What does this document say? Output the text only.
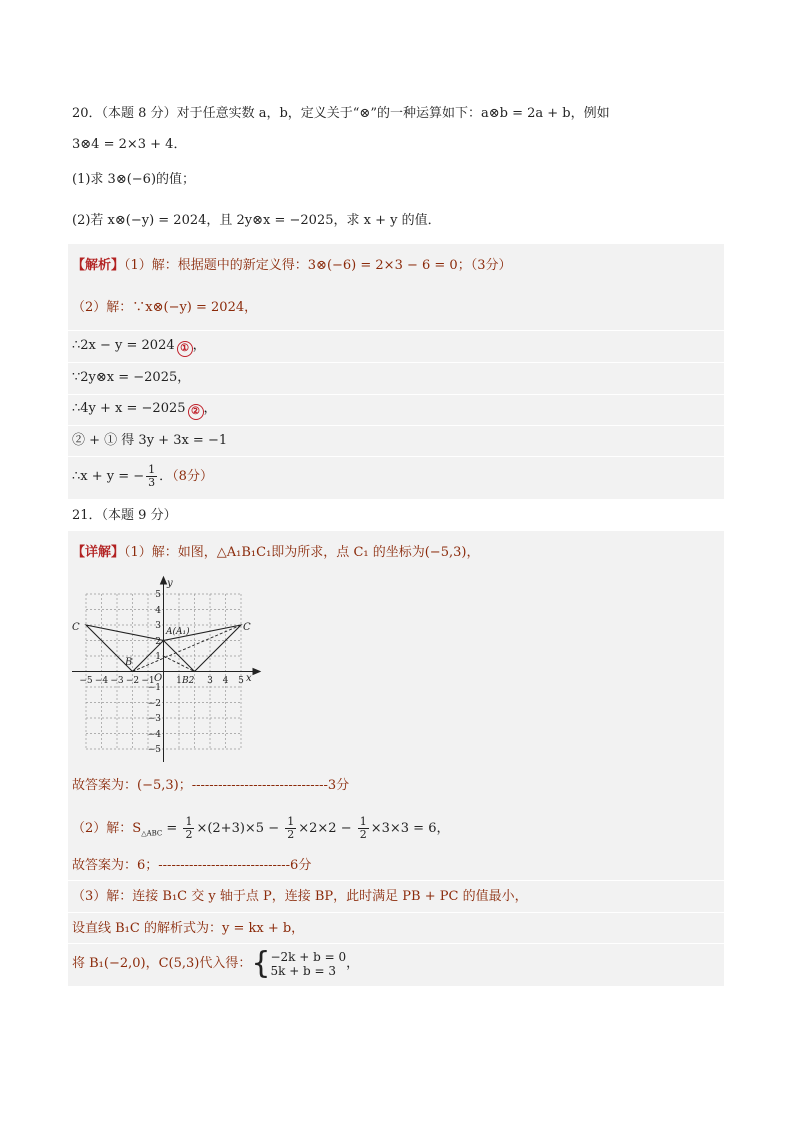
20．（本题 8 分）对于任意实数 a，b，定义关于“⊗”的一种运算如下：a⊗b = 2a + b，例如
3⊗4 = 2×3 + 4．
(1)求 3⊗(−6)的值；
(2)若 x⊗(−y) = 2024，且 2y⊗x = −2025，求 x + y 的值．
【解析】（1）解：根据题中的新定义得：3⊗(−6) = 2×3 − 6 = 0；（3分）
（2）解：∵x⊗(−y) = 2024，
∴2x − y = 2024 ① ，
∵2y⊗x = −2025，
∴4y + x = −2025 ② ，
② + ① 得 3y + 3x = −1
∴x + y = − $\frac{1}{3}$ ．（8分）
21．（本题 9 分）
【详解】（1）解：如图，△A₁B₁C₁即为所求，点 C₁ 的坐标为(−5,3)，
y
x
O
C	C
A(A₁)
B
B2
−5 −4 −3 −2 −1 1	3 4 5
5
4
3
2
1
−1
−2
−3
−4
−5
故答案为：(−5,3)；-------------------------------3分
（2）解：$S_{\triangle ABC} = \frac{1}{2} \times(2+3)\times 5 - \frac{1}{2} \times 2\times 2 - \frac{1}{2} \times 3\times 3 = 6$，
故答案为：6；------------------------------6分
（3）解：连接 B₁C 交 y 轴于点 P，连接 BP，此时满足 PB + PC 的值最小，
设直线 B₁C 的解析式为：y = kx + b，
将 B₁(−2,0)，C(5,3)代入得：{ −2k + b = 0
5k + b = 3 ，
